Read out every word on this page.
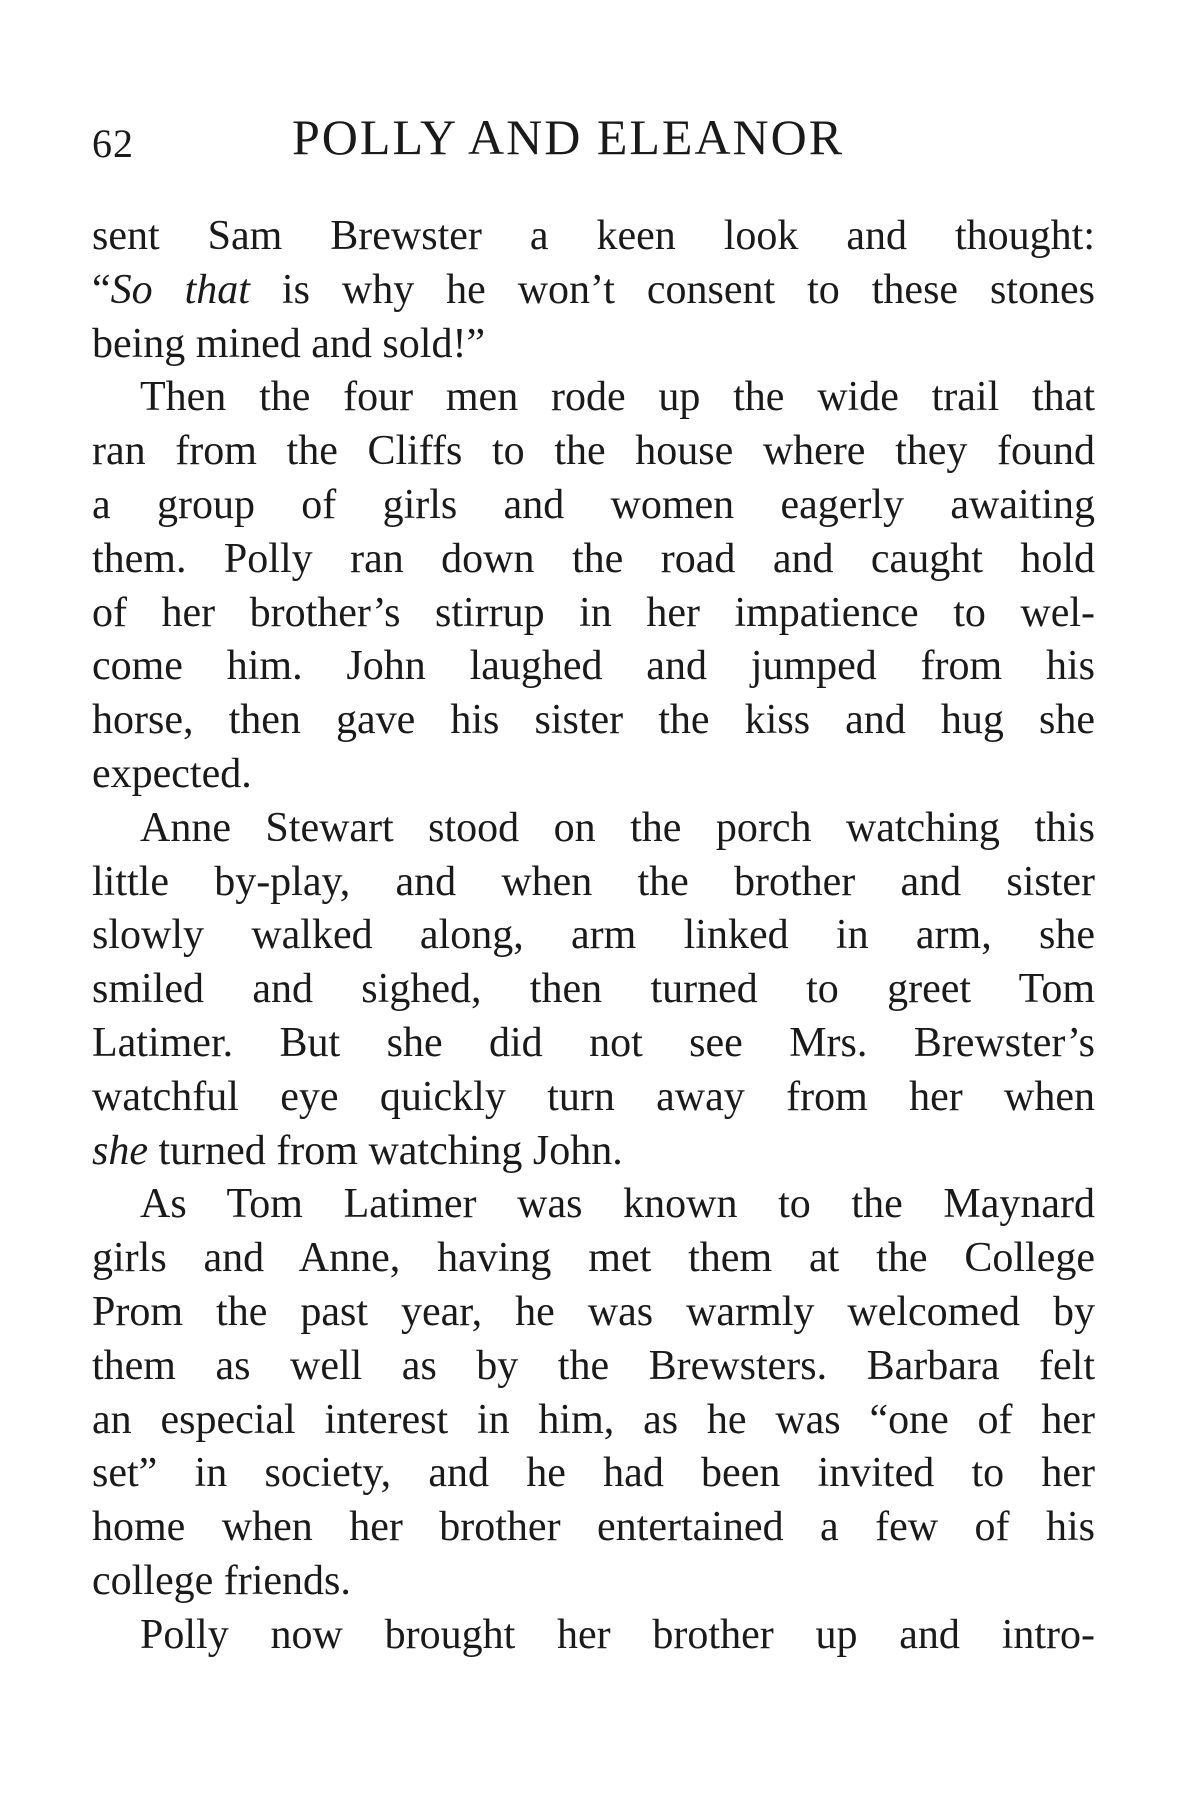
62	POLLY AND ELEANOR
sent Sam Brewster a keen look and thought:
“So that is why he won’t consent to these stones
being mined and sold!”
Then the four men rode up the wide trail that
ran from the Cliffs to the house where they found
a group of girls and women eagerly awaiting
them. Polly ran down the road and caught hold
of her brother’s stirrup in her impatience to wel-
come him. John laughed and jumped from his
horse, then gave his sister the kiss and hug she
expected.
Anne Stewart stood on the porch watching this
little by-play, and when the brother and sister
slowly walked along, arm linked in arm, she
smiled and sighed, then turned to greet Tom
Latimer. But she did not see Mrs. Brewster’s
watchful eye quickly turn away from her when
she turned from watching John.
As Tom Latimer was known to the Maynard
girls and Anne, having met them at the College
Prom the past year, he was warmly welcomed by
them as well as by the Brewsters. Barbara felt
an especial interest in him, as he was “one of her
set” in society, and he had been invited to her
home when her brother entertained a few of his
college friends.
Polly now brought her brother up and intro-
